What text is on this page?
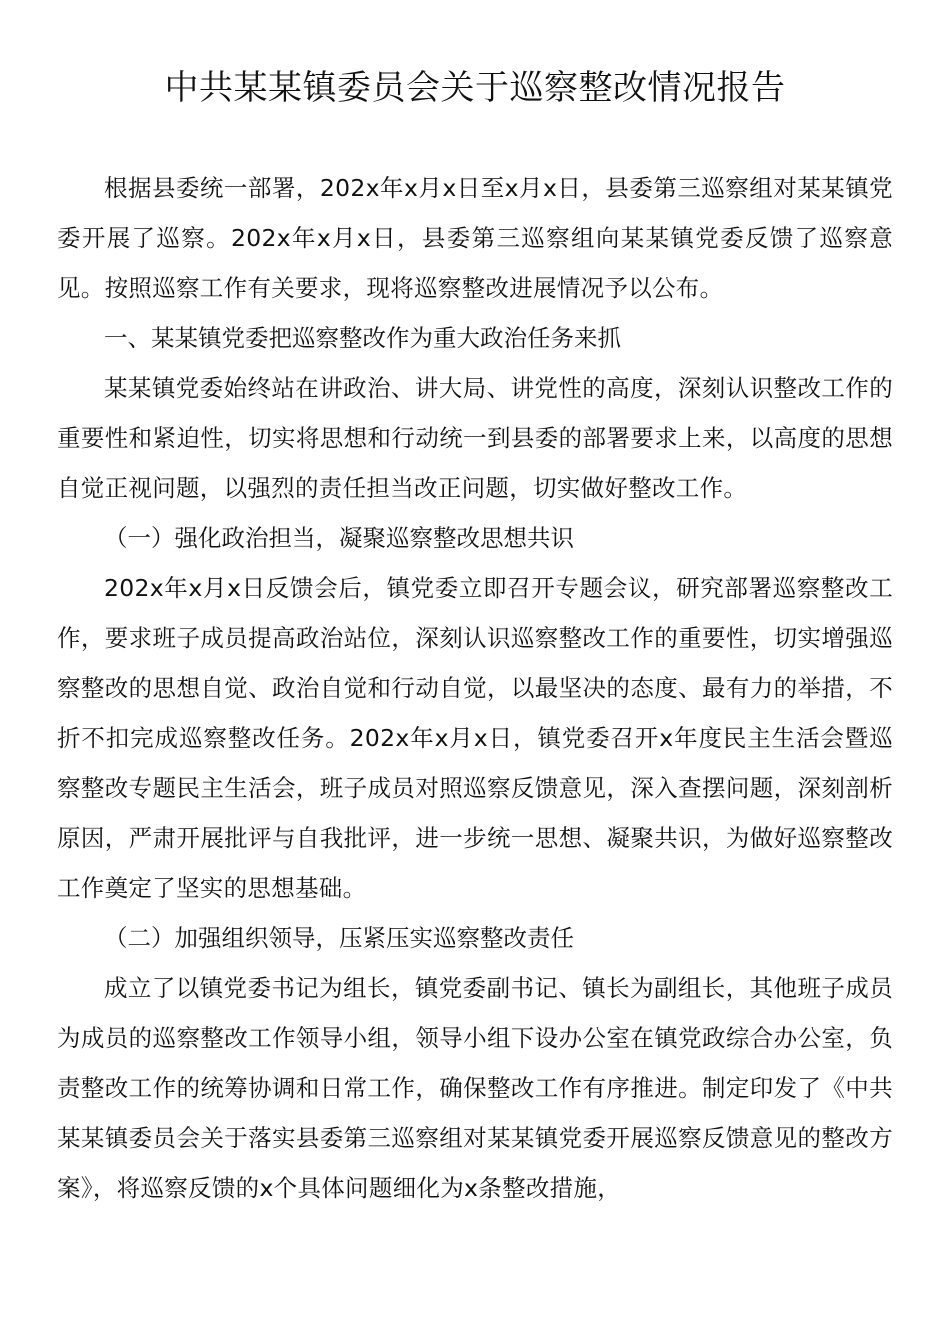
中共某某镇委员会关于巡察整改情况报告

根据县委统一部署，202x年x月x日至x月x日，县委第三巡察组对某某镇党委开展了巡察。202x年x月x日，县委第三巡察组向某某镇党委反馈了巡察意见。按照巡察工作有关要求，现将巡察整改进展情况予以公布。

一、某某镇党委把巡察整改作为重大政治任务来抓

某某镇党委始终站在讲政治、讲大局、讲党性的高度，深刻认识整改工作的重要性和紧迫性，切实将思想和行动统一到县委的部署要求上来，以高度的思想自觉正视问题，以强烈的责任担当改正问题，切实做好整改工作。

（一）强化政治担当，凝聚巡察整改思想共识

202x年x月x日反馈会后，镇党委立即召开专题会议，研究部署巡察整改工作，要求班子成员提高政治站位，深刻认识巡察整改工作的重要性，切实增强巡察整改的思想自觉、政治自觉和行动自觉，以最坚决的态度、最有力的举措，不折不扣完成巡察整改任务。202x年x月x日，镇党委召开x年度民主生活会暨巡察整改专题民主生活会，班子成员对照巡察反馈意见，深入查摆问题，深刻剖析原因，严肃开展批评与自我批评，进一步统一思想、凝聚共识，为做好巡察整改工作奠定了坚实的思想基础。

（二）加强组织领导，压紧压实巡察整改责任

成立了以镇党委书记为组长，镇党委副书记、镇长为副组长，其他班子成员为成员的巡察整改工作领导小组，领导小组下设办公室在镇党政综合办公室，负责整改工作的统筹协调和日常工作，确保整改工作有序推进。制定印发了《中共某某镇委员会关于落实县委第三巡察组对某某镇党委开展巡察反馈意见的整改方案》，将巡察反馈的x个具体问题细化为x条整改措施，
